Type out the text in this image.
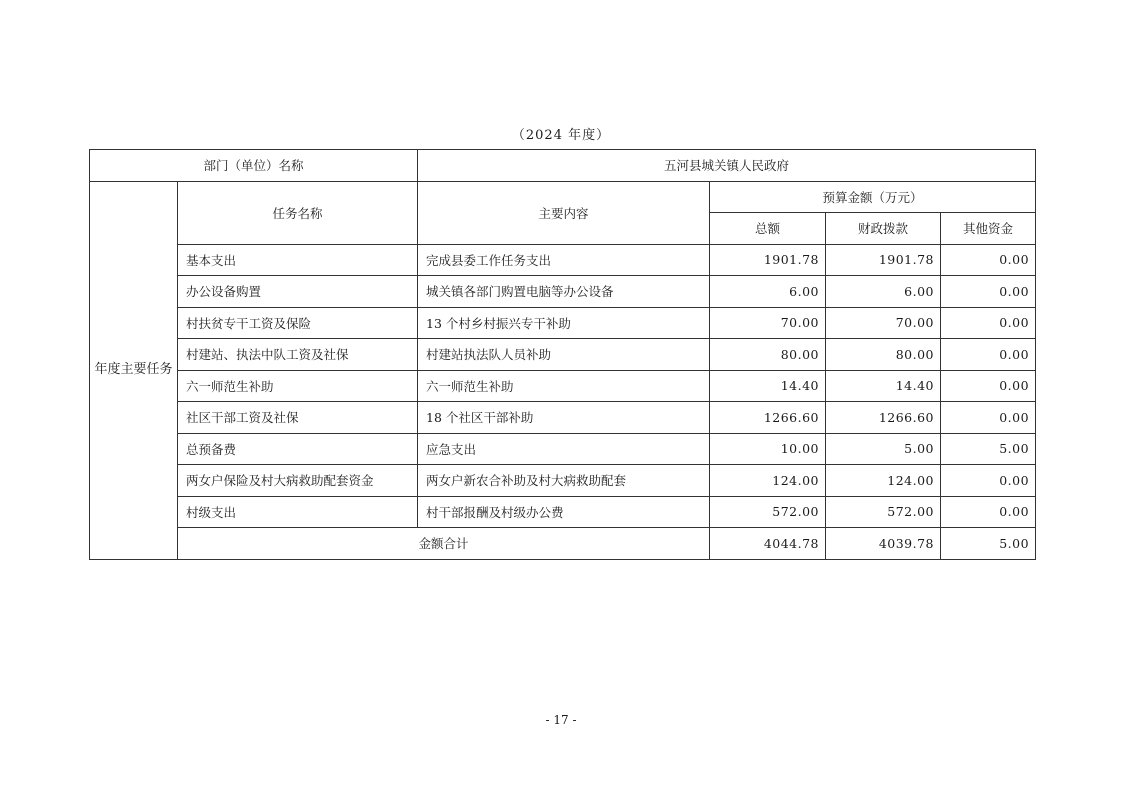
（2024 年度）
部门（单位）名称		五河县城关镇人民政府			
年度主要任务	任务名称	主要内容	预算金额（万元）		
			总额	财政拨款	其他资金
	基本支出	完成县委工作任务支出	1901.78	1901.78	0.00
	办公设备购置	城关镇各部门购置电脑等办公设备	6.00	6.00	0.00
	村扶贫专干工资及保险	13 个村乡村振兴专干补助	70.00	70.00	0.00
	村建站、执法中队工资及社保	村建站执法队人员补助	80.00	80.00	0.00
	六一师范生补助	六一师范生补助	14.40	14.40	0.00
	社区干部工资及社保	18 个社区干部补助	1266.60	1266.60	0.00
	总预备费	应急支出	10.00	5.00	5.00
	两女户保险及村大病救助配套资金	两女户新农合补助及村大病救助配套	124.00	124.00	0.00
	村级支出	村干部报酬及村级办公费	572.00	572.00	0.00
	金额合计		4044.78	4039.78	5.00
- 17 -
